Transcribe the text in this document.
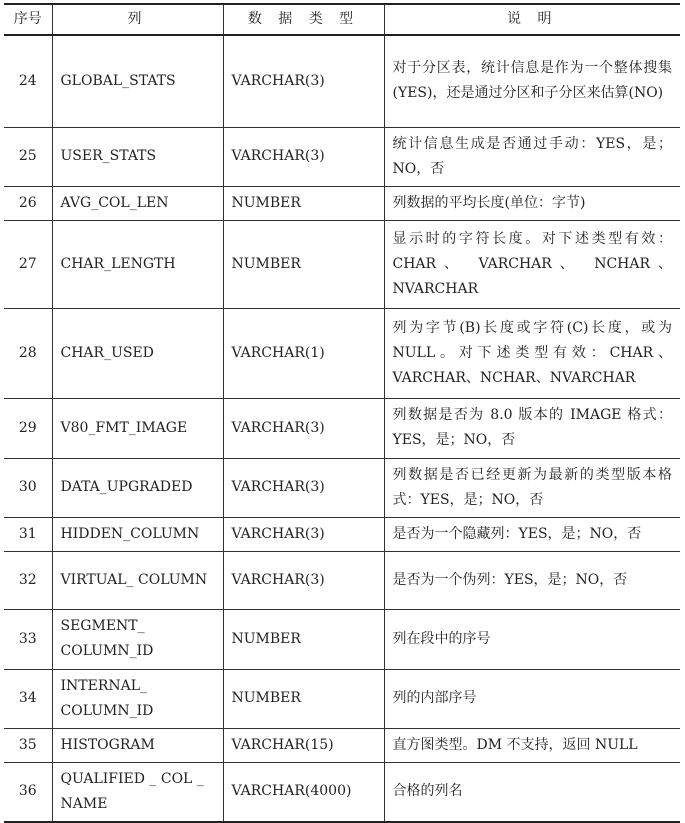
序号	列	数 据 类 型	说 明
24	GLOBAL_STATS	VARCHAR(3)	对于分区表，统计信息是作为一个整体搜集(YES)，还是通过分区和子分区来估算(NO)
25	USER_STATS	VARCHAR(3)	统计信息生成是否通过手动：YES，是；NO，否
26	AVG_COL_LEN	NUMBER	列数据的平均长度(单位：字节)
27	CHAR_LENGTH	NUMBER	显示时的字符长度。对下述类型有效：CHAR、 VARCHAR、 NCHAR、NVARCHAR
28	CHAR_USED	VARCHAR(1)	列为字节(B)长度或字符(C)长度，或为NULL。对下述类型有效：CHAR、VARCHAR、NCHAR、NVARCHAR
29	V80_FMT_IMAGE	VARCHAR(3)	列数据是否为 8.0 版本的 IMAGE 格式：YES，是；NO，否
30	DATA_UPGRADED	VARCHAR(3)	列数据是否已经更新为最新的类型版本格式：YES，是；NO，否
31	HIDDEN_COLUMN	VARCHAR(3)	是否为一个隐藏列：YES，是；NO，否
32	VIRTUAL_ COLUMN	VARCHAR(3)	是否为一个伪列：YES，是；NO，否
33	SEGMENT_ COLUMN_ID	NUMBER	列在段中的序号
34	INTERNAL_ COLUMN_ID	NUMBER	列的内部序号
35	HISTOGRAM	VARCHAR(15)	直方图类型。DM 不支持，返回 NULL
36	QUALIFIED _ COL _ NAME	VARCHAR(4000)	合格的列名
